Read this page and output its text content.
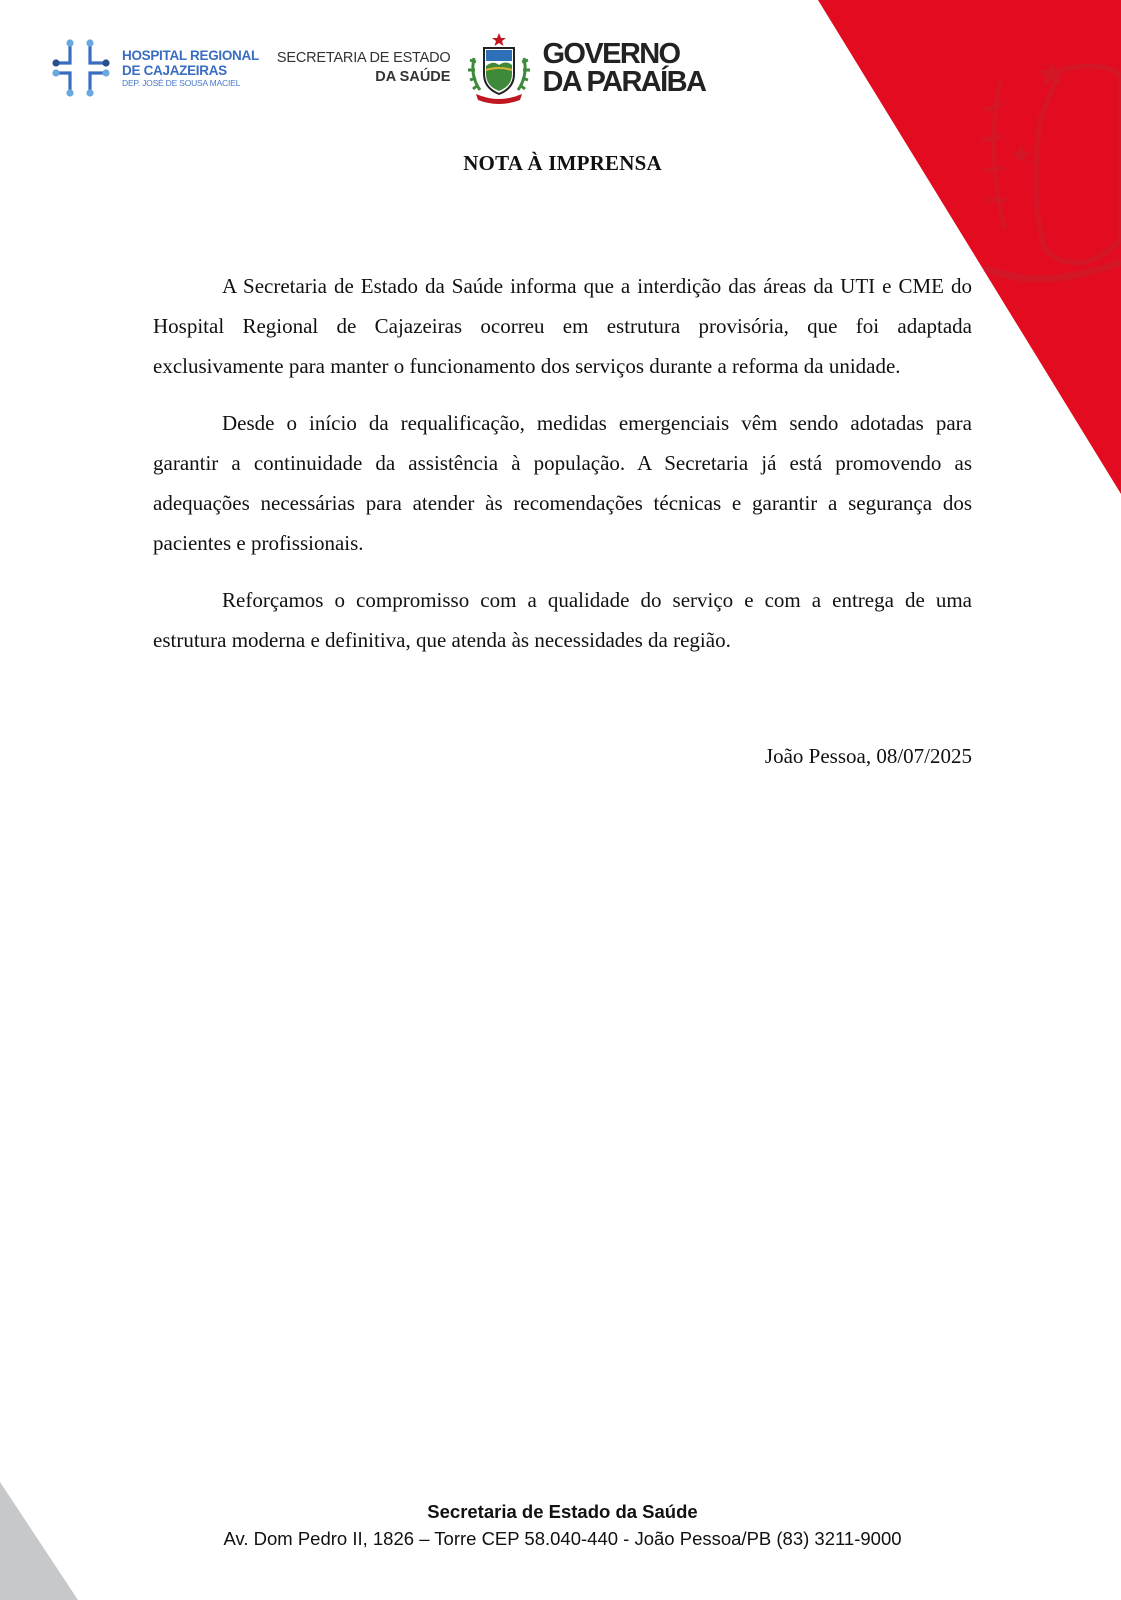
HOSPITAL REGIONAL
DE CAJAZEIRAS
DEP. JOSÉ DE SOUSA MACIEL
SECRETARIA DE ESTADO
DA SAÚDE
GOVERNO
DA PARAÍBA
NOTA À IMPRENSA

A Secretaria de Estado da Saúde informa que a interdição das áreas da UTI e CME do Hospital Regional de Cajazeiras ocorreu em estrutura provisória, que foi adaptada exclusivamente para manter o funcionamento dos serviços durante a reforma da unidade.

Desde o início da requalificação, medidas emergenciais vêm sendo adotadas para garantir a continuidade da assistência à população. A Secretaria já está promovendo as adequações necessárias para atender às recomendações técnicas e garantir a segurança dos pacientes e profissionais.

Reforçamos o compromisso com a qualidade do serviço e com a entrega de uma estrutura moderna e definitiva, que atenda às necessidades da região.

João Pessoa, 08/07/2025
Secretaria de Estado da Saúde
Av. Dom Pedro II, 1826 – Torre CEP 58.040-440 - João Pessoa/PB (83) 3211-9000
